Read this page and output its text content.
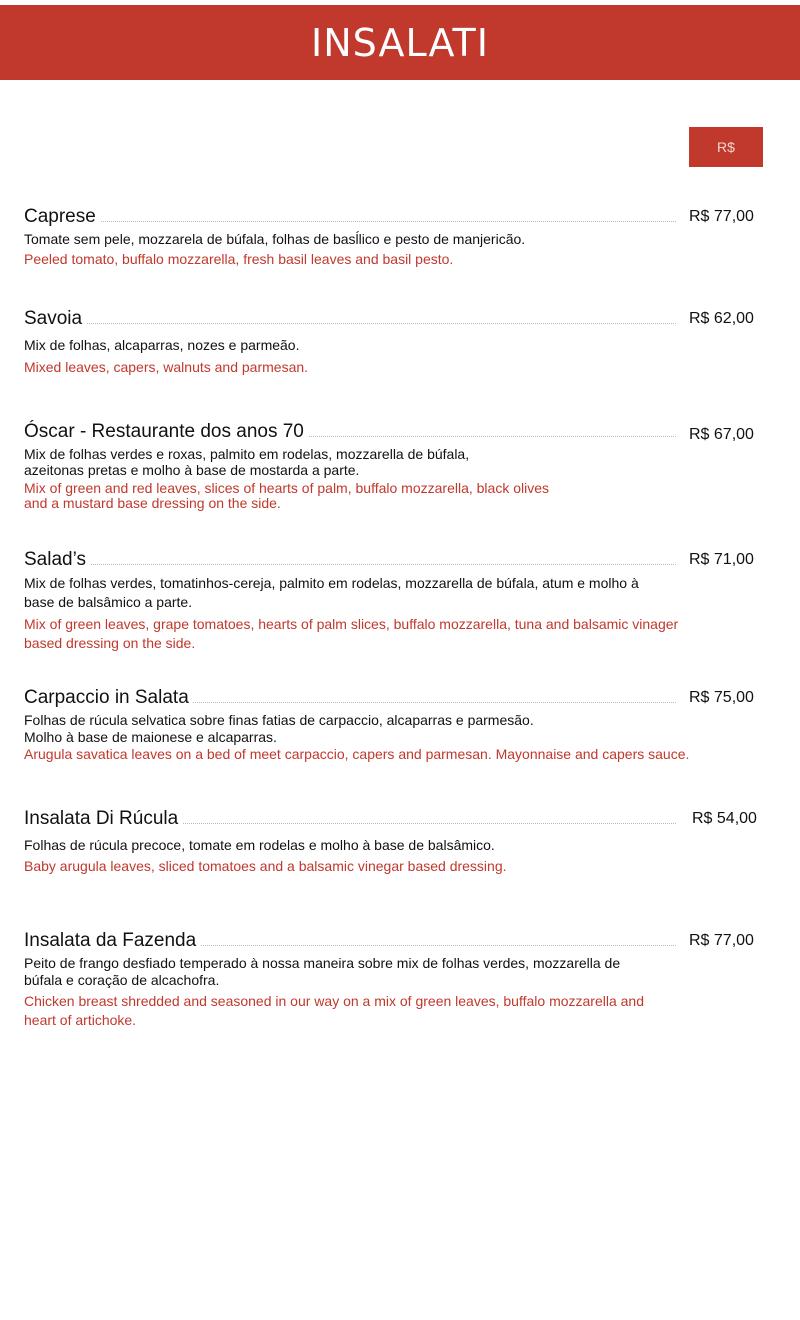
INSALATI
R$
Caprese	R$ 77,00
Tomate sem pele, mozzarela de búfala, folhas de basĺlico e pesto de manjericão.
Peeled tomato, buffalo mozzarella, fresh basil leaves and basil pesto.
Savoia	R$ 62,00
Mix de folhas, alcaparras, nozes e parmeão.
Mixed leaves, capers, walnuts and parmesan.
Óscar - Restaurante dos anos 70	R$ 67,00
Mix de folhas verdes e roxas, palmito em rodelas, mozzarella de búfala,
azeitonas pretas e molho à base de mostarda a parte.
Mix of green and red leaves, slices of hearts of palm, buffalo mozzarella, black olives
and a mustard base dressing on the side.
Salad’s	R$ 71,00
Mix de folhas verdes, tomatinhos-cereja, palmito em rodelas, mozzarella de búfala, atum e molho à
base de balsâmico a parte.
Mix of green leaves, grape tomatoes, hearts of palm slices, buffalo mozzarella, tuna and balsamic vinager
based dressing on the side.
Carpaccio in Salata	R$ 75,00
Folhas de rúcula selvatica sobre finas fatias de carpaccio, alcaparras e parmesão.
Molho à base de maionese e alcaparras.
Arugula savatica leaves on a bed of meet carpaccio, capers and parmesan. Mayonnaise and capers sauce.
Insalata Di Rúcula	R$ 54,00
Folhas de rúcula precoce, tomate em rodelas e molho à base de balsâmico.
Baby arugula leaves, sliced tomatoes and a balsamic vinegar based dressing.
Insalata da Fazenda	R$ 77,00
Peito de frango desfiado temperado à nossa maneira sobre mix de folhas verdes, mozzarella de
búfala e coração de alcachofra.
Chicken breast shredded and seasoned in our way on a mix of green leaves, buffalo mozzarella and
heart of artichoke.
